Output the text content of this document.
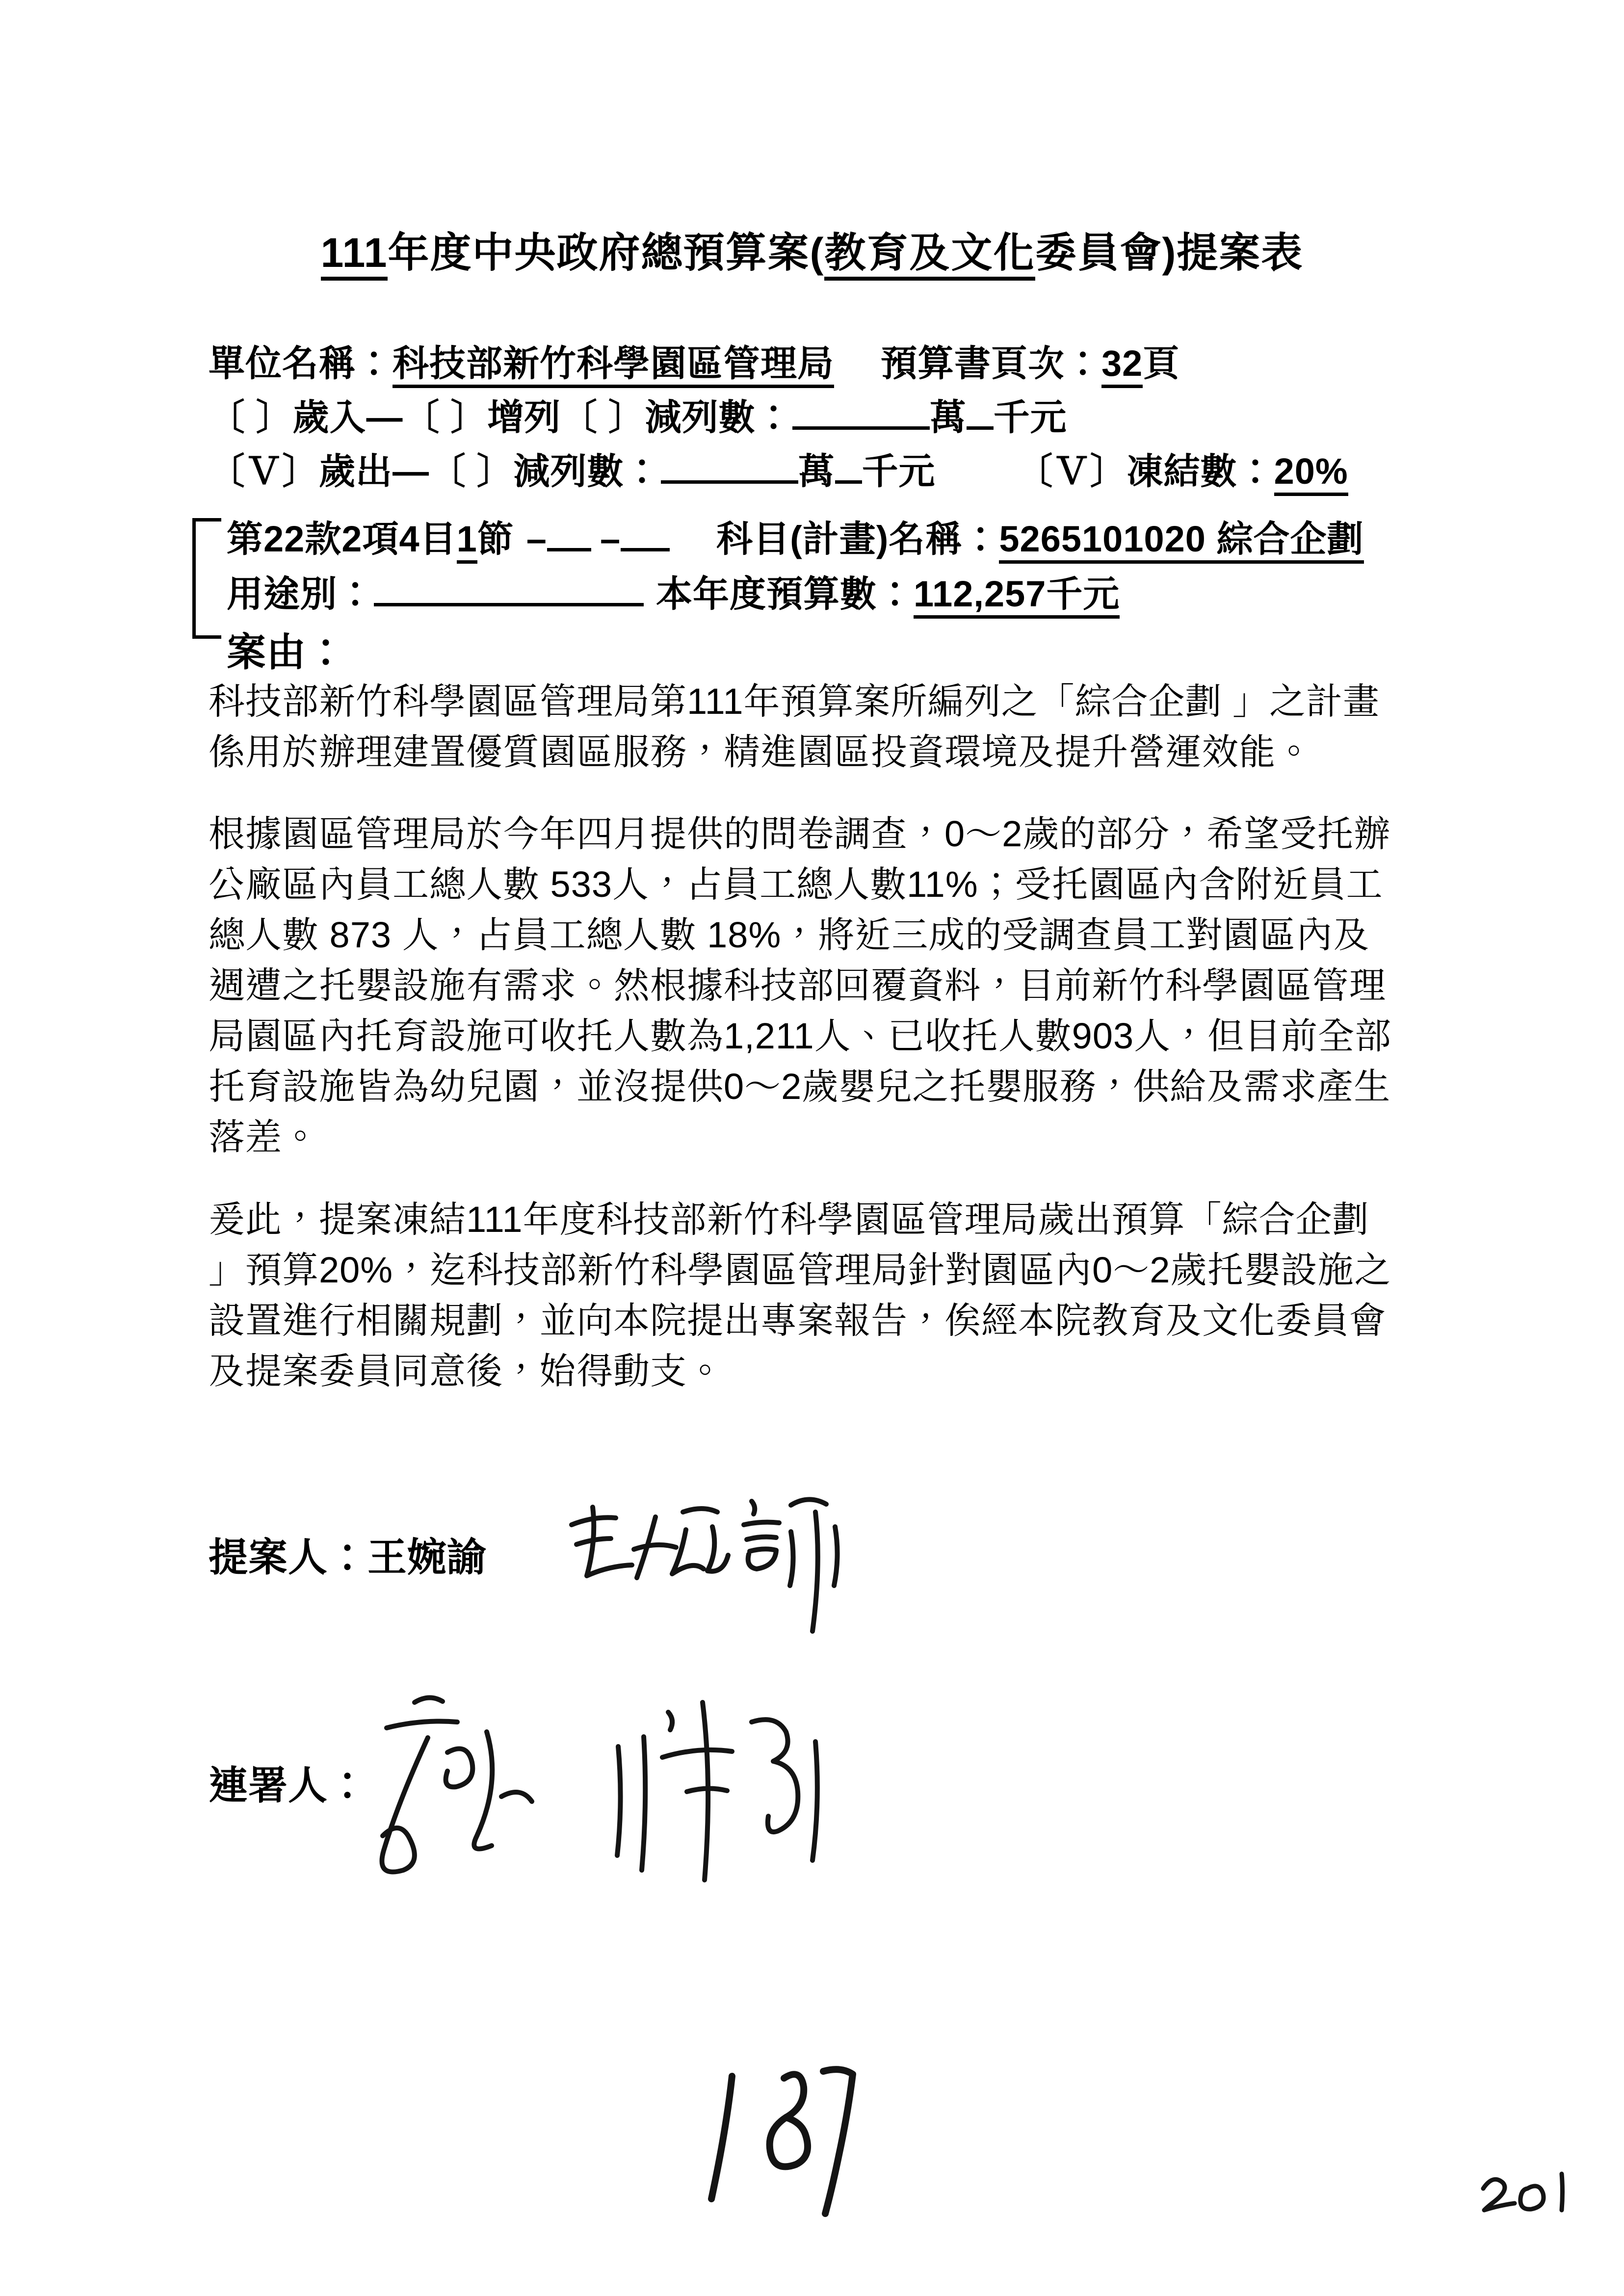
111年度中央政府總預算案(教育及文化委員會)提案表
單位名稱：科技部新竹科學園區管理局 預算書頁次：32頁
〔 〕歲入—〔 〕增列〔 〕減列數：	萬 千元
〔Ｖ〕歲出—〔 〕減列數：	萬 千元 〔Ｖ〕凍結數：20%
第22款2項4目1節 – –	科目(計畫)名稱：5265101020 綜合企劃
用途別：	本年度預算數：112,257千元
案由：
科技部新竹科學園區管理局第111年預算案所編列之「綜合企劃 」之計畫
係用於辦理建置優質園區服務，精進園區投資環境及提升營運效能。
根據園區管理局於今年四月提供的問卷調查，0～2歲的部分，希望受托辦
公廠區內員工總人數 533人，占員工總人數11%；受托園區內含附近員工
總人數 873 人，占員工總人數 18%，將近三成的受調查員工對園區內及
週遭之托嬰設施有需求。然根據科技部回覆資料，目前新竹科學園區管理
局園區內托育設施可收托人數為1,211人、已收托人數903人，但目前全部
托育設施皆為幼兒園，並沒提供0～2歲嬰兒之托嬰服務，供給及需求產生
落差。
爰此，提案凍結111年度科技部新竹科學園區管理局歲出預算「綜合企劃
」預算20%，迄科技部新竹科學園區管理局針對園區內0～2歲托嬰設施之
設置進行相關規劃，並向本院提出專案報告，俟經本院教育及文化委員會
及提案委員同意後，始得動支。
提案人：王婉諭
連署人：
